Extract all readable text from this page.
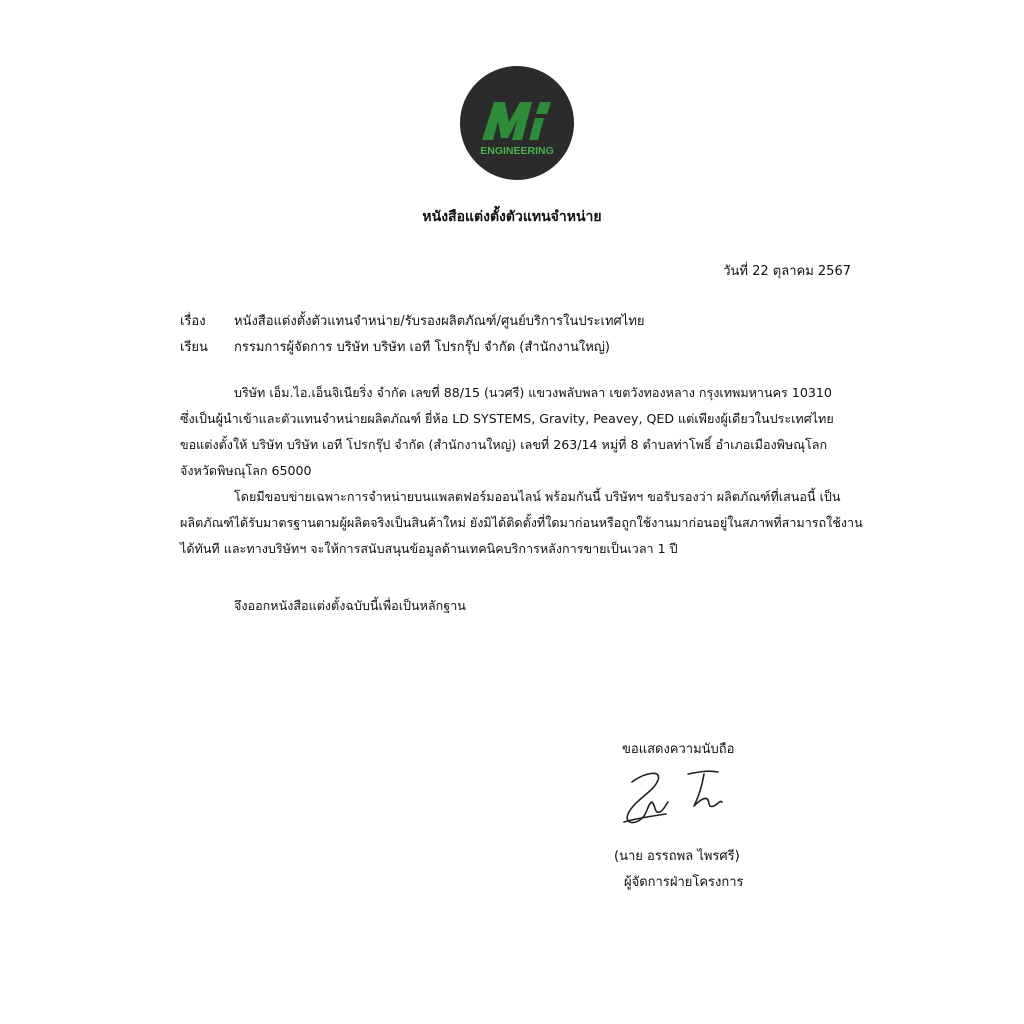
ENGINEERING
หนังสือแต่งตั้งตัวแทนจำหน่าย
วันที่ 22 ตุลาคม 2567
เรื่อง หนังสือแต่งตั้งตัวแทนจำหน่าย/รับรองผลิตภัณฑ์/ศูนย์บริการในประเทศไทย
เรียน กรรมการผู้จัดการ บริษัท บริษัท เอที โปรกรุ๊ป จำกัด (สำนักงานใหญ่)
บริษัท เอ็ม.ไอ.เอ็นจิเนียริ่ง จำกัด เลขที่ 88/15 (นวศรี) แขวงพลับพลา เขตวังทองหลาง กรุงเทพมหานคร 10310
ซึ่งเป็นผู้นำเข้าและตัวแทนจำหน่ายผลิตภัณฑ์ ยี่ห้อ LD SYSTEMS, Gravity, Peavey, QED แต่เพียงผู้เดียวในประเทศไทย
ขอแต่งตั้งให้ บริษัท บริษัท เอที โปรกรุ๊ป จำกัด (สำนักงานใหญ่) เลขที่ 263/14 หมู่ที่ 8 ตำบลท่าโพธิ์ อำเภอเมืองพิษณุโลก
จังหวัดพิษณุโลก 65000
โดยมีขอบข่ายเฉพาะการจำหน่ายบนแพลตฟอร์มออนไลน์ พร้อมกันนี้ บริษัทฯ ขอรับรองว่า ผลิตภัณฑ์ที่เสนอนี้ เป็น
ผลิตภัณฑ์ได้รับมาตรฐานตามผู้ผลิตจริงเป็นสินค้าใหม่ ยังมิได้ติดตั้งที่ใดมาก่อนหรือถูกใช้งานมาก่อนอยู่ในสภาพที่สามารถใช้งาน
ได้ทันที และทางบริษัทฯ จะให้การสนับสนุนข้อมูลด้านเทคนิคบริการหลังการขายเป็นเวลา 1 ปี
จึงออกหนังสือแต่งตั้งฉบับนี้เพื่อเป็นหลักฐาน
ขอแสดงความนับถือ
(นาย อรรถพล ไพรศรี)
ผู้จัดการฝ่ายโครงการ
